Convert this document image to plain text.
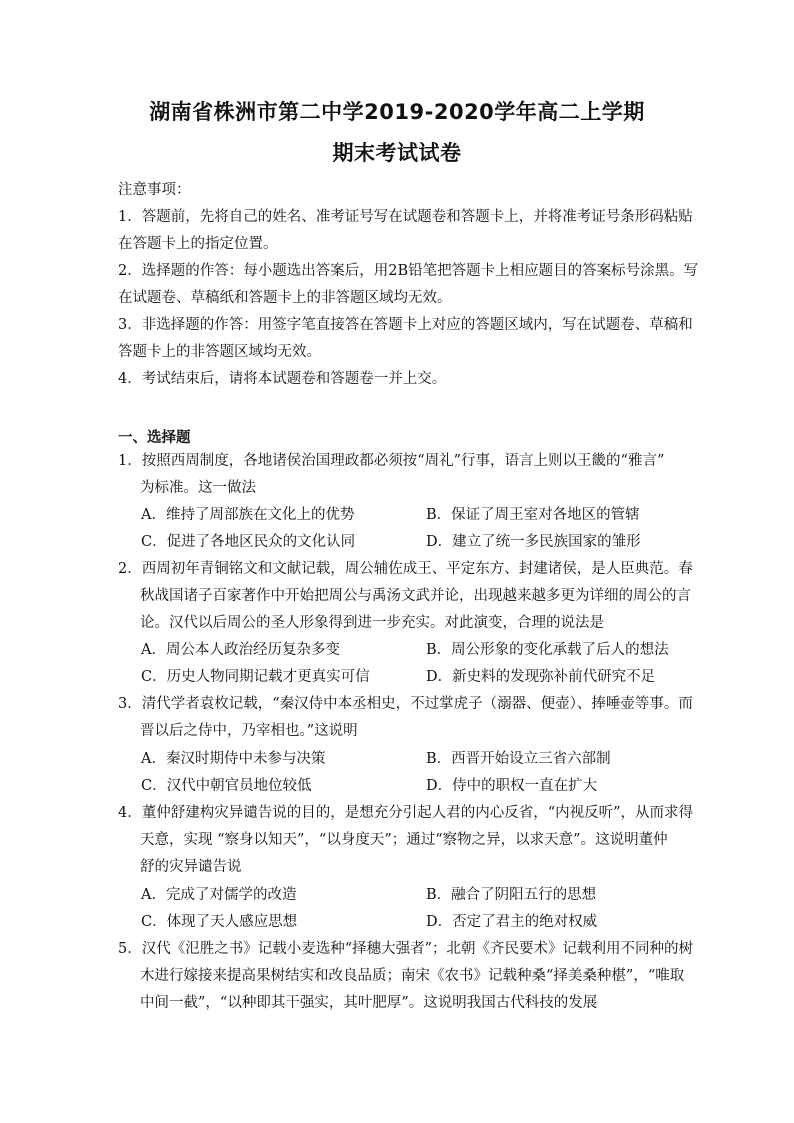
湖南省株洲市第二中学2019-2020学年高二上学期
期末考试试卷
注意事项：
1．答题前，先将自己的姓名、准考证号写在试题卷和答题卡上，并将准考证号条形码粘贴
在答题卡上的指定位置。
2．选择题的作答：每小题选出答案后，用2B铅笔把答题卡上相应题目的答案标号涂黑。写
在试题卷、草稿纸和答题卡上的非答题区域均无效。
3．非选择题的作答：用签字笔直接答在答题卡上对应的答题区域内，写在试题卷、草稿和
答题卡上的非答题区域均无效。
4．考试结束后，请将本试题卷和答题卷一并上交。
一、选择题
1．按照西周制度，各地诸侯治国理政都必须按“周礼”行事，语言上则以王畿的“雅言”
为标准。这一做法
A．维持了周部族在文化上的优势	B．保证了周王室对各地区的管辖
C．促进了各地区民众的文化认同	D．建立了统一多民族国家的雏形
2．西周初年青铜铭文和文献记载，周公辅佐成王、平定东方、封建诸侯，是人臣典范。春
秋战国诸子百家著作中开始把周公与禹汤文武并论，出现越来越多更为详细的周公的言
论。汉代以后周公的圣人形象得到进一步充实。对此演变，合理的说法是
A．周公本人政治经历复杂多变	B．周公形象的变化承载了后人的想法
C．历史人物同期记载才更真实可信	D．新史料的发现弥补前代研究不足
3．清代学者袁枚记载，“秦汉侍中本丞相史，不过掌虎子（溺器、便壶）、捧唾壶等事。而
晋以后之侍中，乃宰相也。”这说明
A．秦汉时期侍中未参与决策	B．西晋开始设立三省六部制
C．汉代中朝官员地位较低	D．侍中的职权一直在扩大
4．董仲舒建构灾异谴告说的目的，是想充分引起人君的内心反省，“内视反听”，从而求得
天意，实现 “察身以知天”，“以身度天”；通过“察物之异，以求天意”。这说明董仲
舒的灾异谴告说
A．完成了对儒学的改造	B．融合了阴阳五行的思想
C．体现了天人感应思想	D．否定了君主的绝对权威
5．汉代《氾胜之书》记载小麦选种“择穗大强者”；北朝《齐民要术》记载利用不同种的树
木进行嫁接来提高果树结实和改良品质；南宋《农书》记载种桑“择美桑种椹”，“唯取
中间一截”，“以种即其干强实，其叶肥厚”。这说明我国古代科技的发展
